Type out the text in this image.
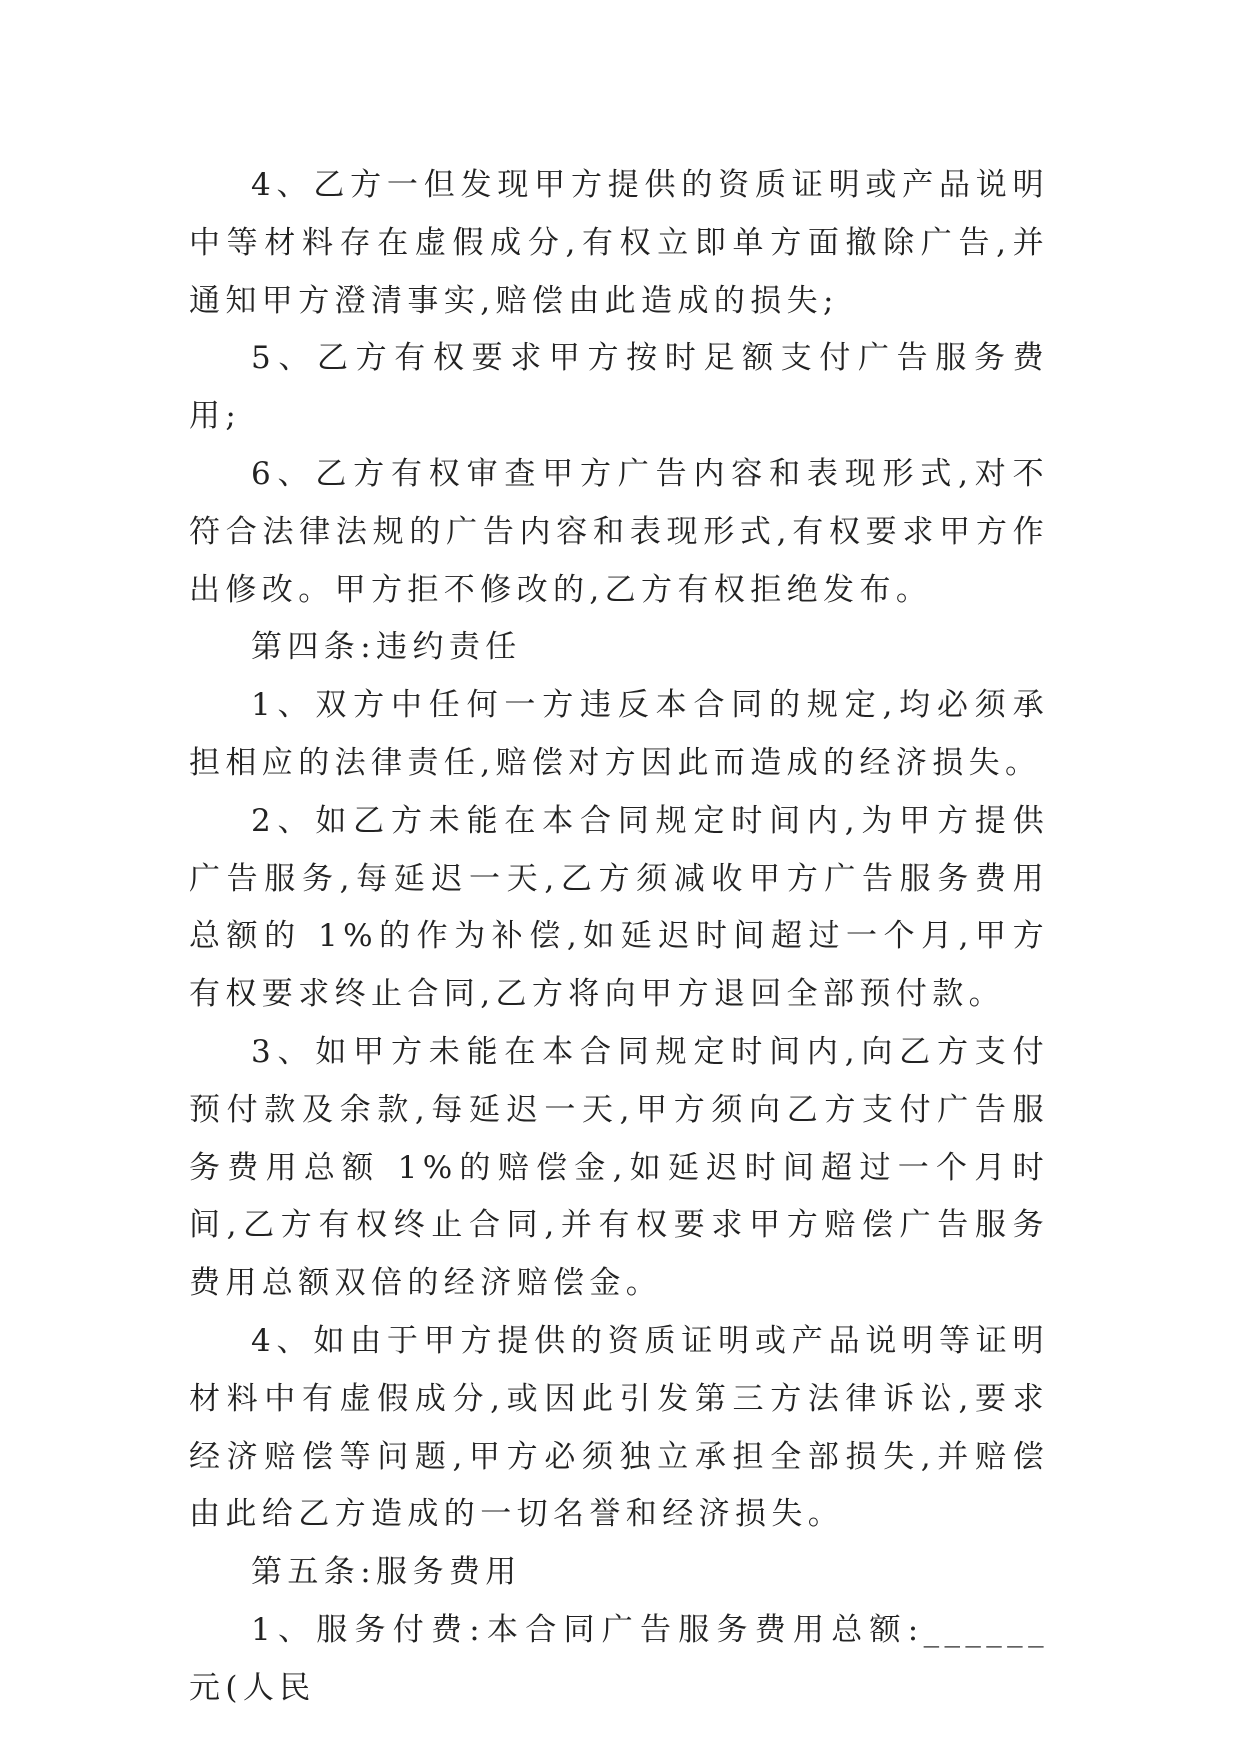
4、乙方一但发现甲方提供的资质证明或产品说明中等材料存在虚假成分,有权立即单方面撤除广告,并通知甲方澄清事实,赔偿由此造成的损失;

5、乙方有权要求甲方按时足额支付广告服务费用;

6、乙方有权审查甲方广告内容和表现形式,对不符合法律法规的广告内容和表现形式,有权要求甲方作出修改。甲方拒不修改的,乙方有权拒绝发布。

第四条:违约责任

1、双方中任何一方违反本合同的规定,均必须承担相应的法律责任,赔偿对方因此而造成的经济损失。

2、如乙方未能在本合同规定时间内,为甲方提供广告服务,每延迟一天,乙方须减收甲方广告服务费用总额的 1%的作为补偿,如延迟时间超过一个月,甲方有权要求终止合同,乙方将向甲方退回全部预付款。

3、如甲方未能在本合同规定时间内,向乙方支付预付款及余款,每延迟一天,甲方须向乙方支付广告服务费用总额 1%的赔偿金,如延迟时间超过一个月时间,乙方有权终止合同,并有权要求甲方赔偿广告服务费用总额双倍的经济赔偿金。

4、如由于甲方提供的资质证明或产品说明等证明材料中有虚假成分,或因此引发第三方法律诉讼,要求经济赔偿等问题,甲方必须独立承担全部损失,并赔偿由此给乙方造成的一切名誉和经济损失。

第五条:服务费用

1、服务付费:本合同广告服务费用总额:______元(人民
